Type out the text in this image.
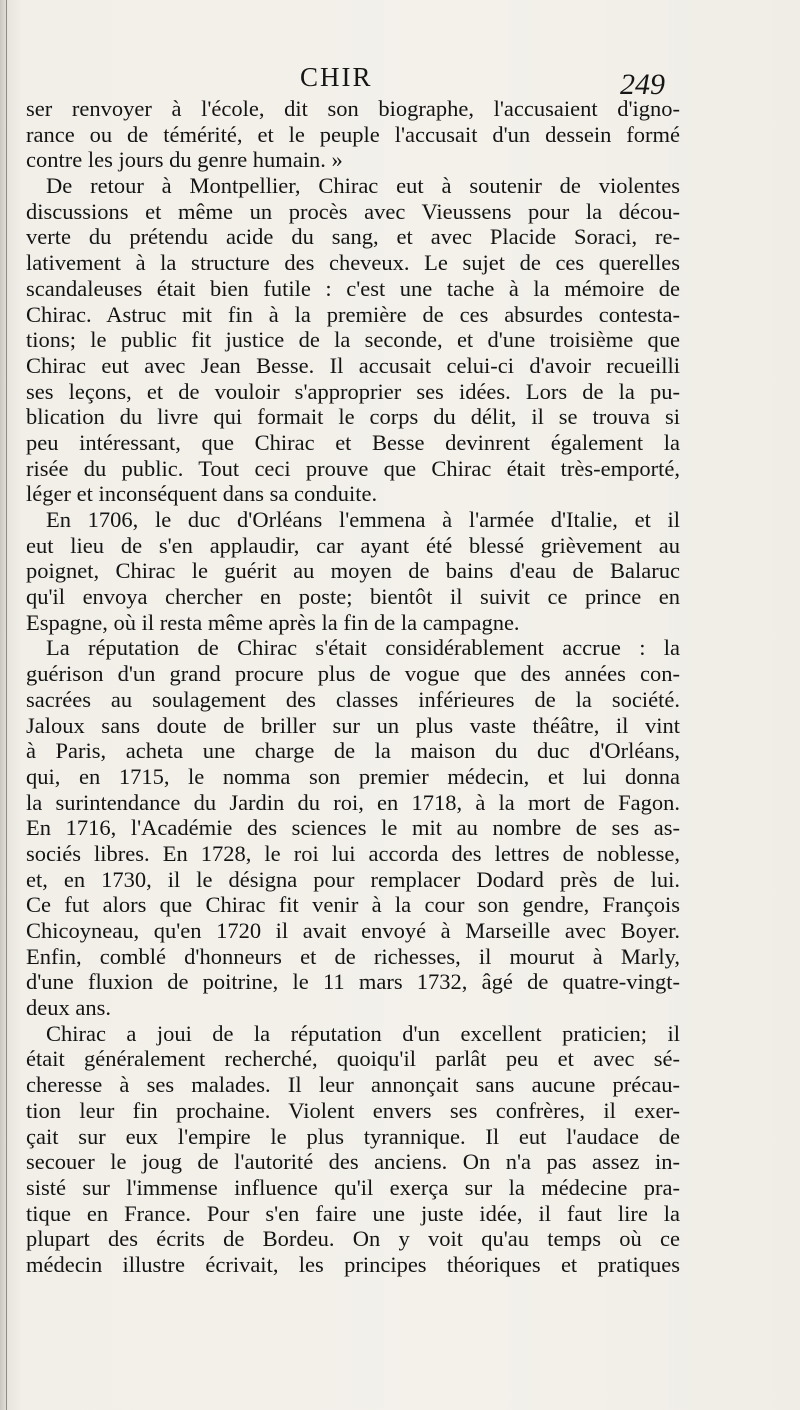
CHIR	249
ser renvoyer à l'école, dit son biographe, l'accusaient d'igno-
rance ou de témérité, et le peuple l'accusait d'un dessein formé
contre les jours du genre humain. »
De retour à Montpellier, Chirac eut à soutenir de violentes
discussions et même un procès avec Vieussens pour la décou-
verte du prétendu acide du sang, et avec Placide Soraci, re-
lativement à la structure des cheveux. Le sujet de ces querelles
scandaleuses était bien futile : c'est une tache à la mémoire de
Chirac. Astruc mit fin à la première de ces absurdes contesta-
tions; le public fit justice de la seconde, et d'une troisième que
Chirac eut avec Jean Besse. Il accusait celui-ci d'avoir recueilli
ses leçons, et de vouloir s'approprier ses idées. Lors de la pu-
blication du livre qui formait le corps du délit, il se trouva si
peu intéressant, que Chirac et Besse devinrent également la
risée du public. Tout ceci prouve que Chirac était très-emporté,
léger et inconséquent dans sa conduite.
En 1706, le duc d'Orléans l'emmena à l'armée d'Italie, et il
eut lieu de s'en applaudir, car ayant été blessé grièvement au
poignet, Chirac le guérit au moyen de bains d'eau de Balaruc
qu'il envoya chercher en poste; bientôt il suivit ce prince en
Espagne, où il resta même après la fin de la campagne.
La réputation de Chirac s'était considérablement accrue : la
guérison d'un grand procure plus de vogue que des années con-
sacrées au soulagement des classes inférieures de la société.
Jaloux sans doute de briller sur un plus vaste théâtre, il vint
à Paris, acheta une charge de la maison du duc d'Orléans,
qui, en 1715, le nomma son premier médecin, et lui donna
la surintendance du Jardin du roi, en 1718, à la mort de Fagon.
En 1716, l'Académie des sciences le mit au nombre de ses as-
sociés libres. En 1728, le roi lui accorda des lettres de noblesse,
et, en 1730, il le désigna pour remplacer Dodard près de lui.
Ce fut alors que Chirac fit venir à la cour son gendre, François
Chicoyneau, qu'en 1720 il avait envoyé à Marseille avec Boyer.
Enfin, comblé d'honneurs et de richesses, il mourut à Marly,
d'une fluxion de poitrine, le 11 mars 1732, âgé de quatre-vingt-
deux ans.
Chirac a joui de la réputation d'un excellent praticien; il
était généralement recherché, quoiqu'il parlât peu et avec sé-
cheresse à ses malades. Il leur annonçait sans aucune précau-
tion leur fin prochaine. Violent envers ses confrères, il exer-
çait sur eux l'empire le plus tyrannique. Il eut l'audace de
secouer le joug de l'autorité des anciens. On n'a pas assez in-
sisté sur l'immense influence qu'il exerça sur la médecine pra-
tique en France. Pour s'en faire une juste idée, il faut lire la
plupart des écrits de Bordeu. On y voit qu'au temps où ce
médecin illustre écrivait, les principes théoriques et pratiques
